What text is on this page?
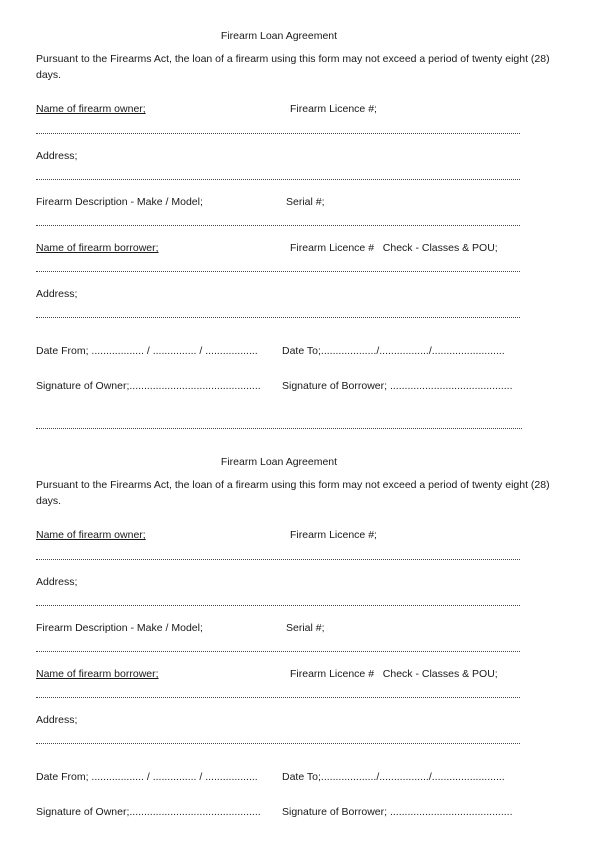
Firearm Loan Agreement
Pursuant to the Firearms Act, the loan of a firearm using this form may not exceed a period of twenty eight (28) days.
Name of firearm owner;	Firearm Licence #;
Address;
Firearm Description - Make / Model;	Serial #;
Name of firearm borrower;	Firearm Licence #   Check - Classes & POU;
Address;
Date From; .................. / ............... / .................. Date To;.................../................./.........................
Signature of Owner;............................................. Signature of Borrower; ..........................................
Firearm Loan Agreement
Pursuant to the Firearms Act, the loan of a firearm using this form may not exceed a period of twenty eight (28) days.
Name of firearm owner;	Firearm Licence #;
Address;
Firearm Description - Make / Model;	Serial #;
Name of firearm borrower;	Firearm Licence #   Check - Classes & POU;
Address;
Date From; .................. / ............... / .................. Date To;.................../................./.........................
Signature of Owner;............................................. Signature of Borrower; ..........................................
